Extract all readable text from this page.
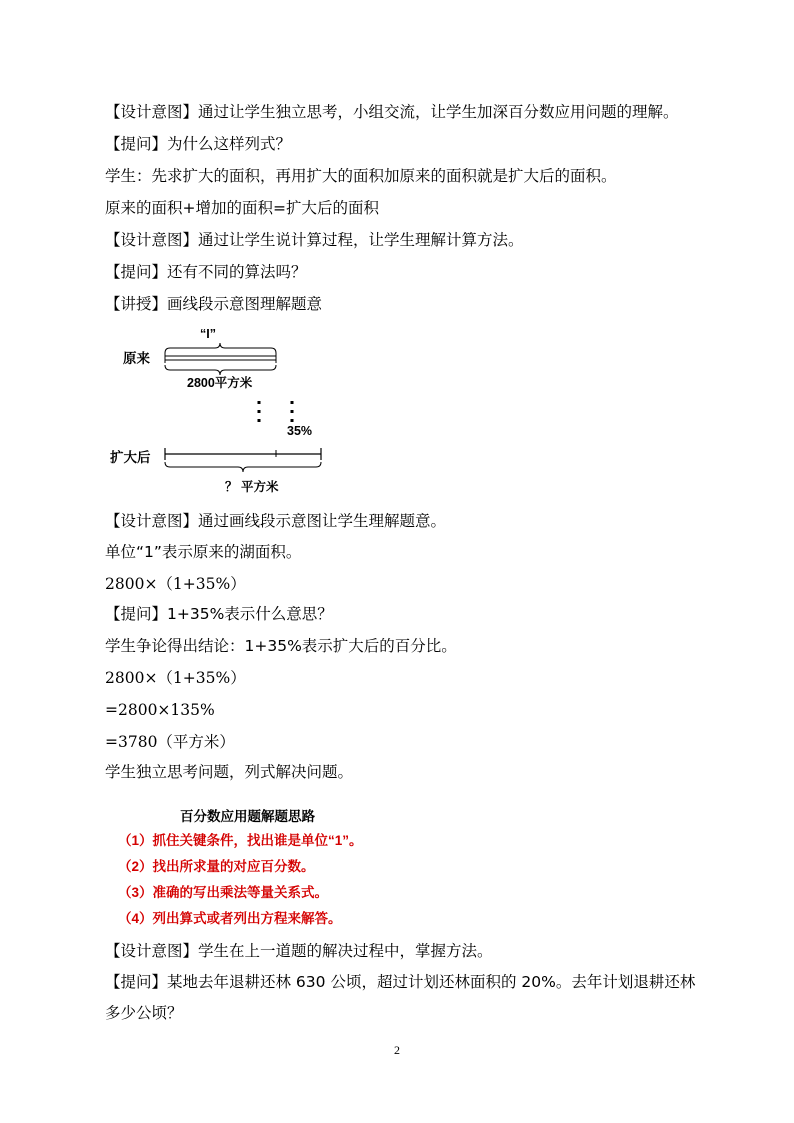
【设计意图】通过让学生独立思考，小组交流，让学生加深百分数应用问题的理解。
【提问】为什么这样列式？
学生：先求扩大的面积，再用扩大的面积加原来的面积就是扩大后的面积。
原来的面积+增加的面积=扩大后的面积
【设计意图】通过让学生说计算过程，让学生理解计算方法。
【提问】还有不同的算法吗？
【讲授】画线段示意图理解题意
“I”
原来
2800平方米
35%
扩大后
？ 平方米
【设计意图】通过画线段示意图让学生理解题意。
单位“1”表示原来的湖面积。
2800×（1+35%）
【提问】1+35%表示什么意思？
学生争论得出结论：1+35%表示扩大后的百分比。
2800×（1+35%）
=2800×135%
=3780（平方米）
学生独立思考问题，列式解决问题。
百分数应用题解题思路
（1）抓住关键条件，找出谁是单位“1”。
（2）找出所求量的对应百分数。
（3）准确的写出乘法等量关系式。
（4）列出算式或者列出方程来解答。
【设计意图】学生在上一道题的解决过程中，掌握方法。
【提问】某地去年退耕还林 630 公顷，超过计划还林面积的 20%。去年计划退耕还林
多少公顷？
2
